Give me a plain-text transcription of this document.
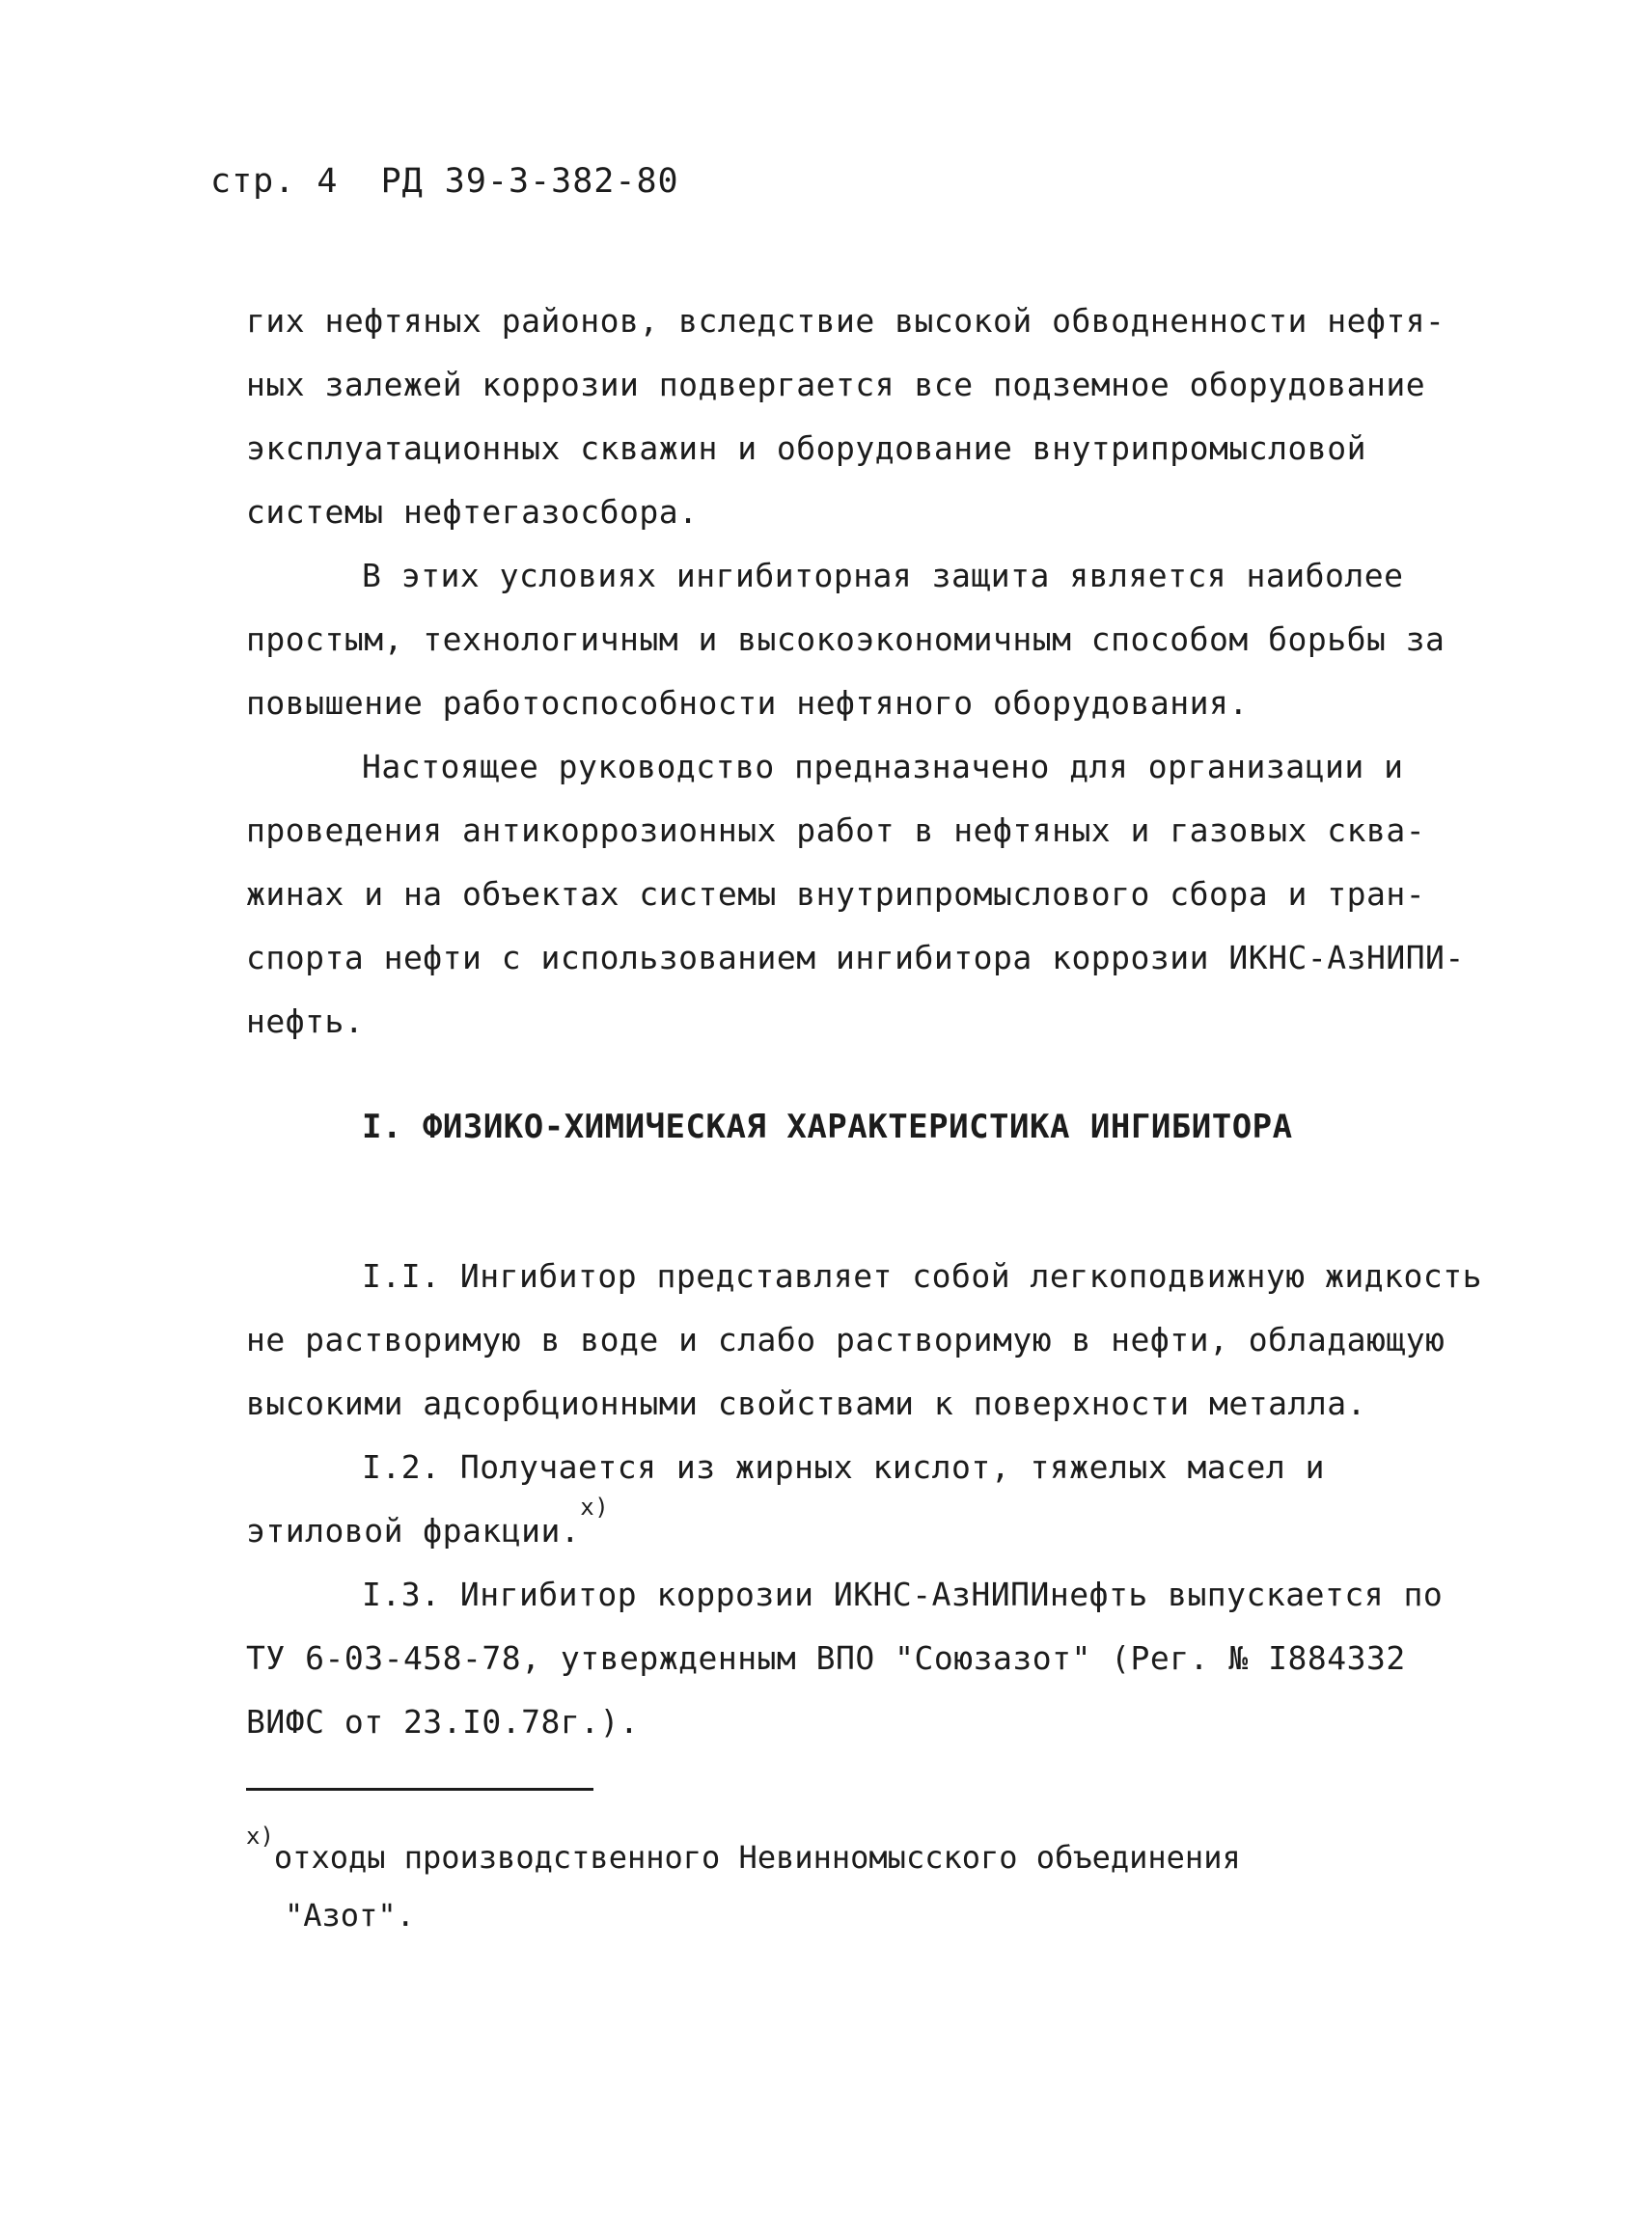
стр. 4 РД 39-3-382-80
гих нефтяных районов, вследствие высокой обводненности нефтя-
ных залежей коррозии подвергается все подземное оборудование
эксплуатационных скважин и оборудование внутрипромысловой
системы нефтегазосбора.
В этих условиях ингибиторная защита является наиболее
простым, технологичным и высокоэкономичным способом борьбы за
повышение работоспособности нефтяного оборудования.
Настоящее руководство предназначено для организации и
проведения антикоррозионных работ в нефтяных и газовых сква-
жинах и на объектах системы внутрипромыслового сбора и тран-
спорта нефти с использованием ингибитора коррозии ИКНС-АзНИПИ-
нефть.
I. ФИЗИКО-ХИМИЧЕСКАЯ ХАРАКТЕРИСТИКА ИНГИБИТОРА
I.I. Ингибитор представляет собой легкоподвижную жидкость
не растворимую в воде и слабо растворимую в нефти, обладающую
высокими адсорбционными свойствами к поверхности металла.
I.2. Получается из жирных кислот, тяжелых масел и
этиловой фракции.$^{x)}$
I.3. Ингибитор коррозии ИКНС-АзНИПИнефть выпускается по
ТУ 6-03-458-78, утвержденным ВПО "Союзазот" (Рег. № I884332
ВИФС от 23.I0.78г.).
$^{x)}$отходы производственного Невинномысского объединения
"Азот".
